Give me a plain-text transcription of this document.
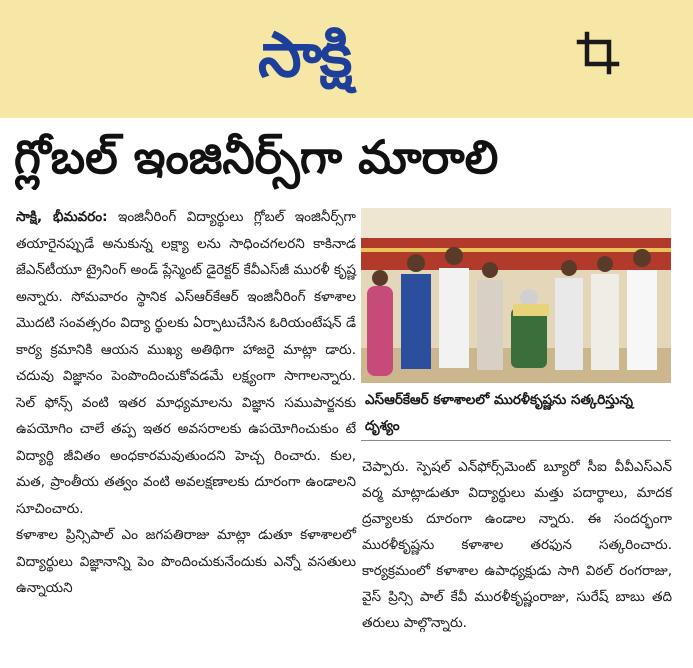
సాక్షి
గ్లోబల్ ఇంజినీర్స్‌గా మారాలి

సాక్షి, భీమవరం: ఇంజినీరింగ్ విద్యార్థులు గ్లోబల్ ఇంజినీర్స్‌గా తయారైనప్పుడే అనుకున్న లక్ష్యా లను సాధించగలరని కాకినాడ జేఎన్‌టీయూ ట్రైనింగ్ అండ్ ప్లేస్మెంట్ డైరెక్టర్ కేవీఎస్‌జీ మురళీ కృష్ణ అన్నారు. సోమవారం స్థానిక ఎస్‌ఆర్‌కేఆర్ ఇంజినీరింగ్ కళాశాల మొదటి సంవత్సరం విద్యా ర్థులకు ఏర్పాటుచేసిన ఓరియంటేషన్ డే కార్య క్రమానికి ఆయన ముఖ్య అతిథిగా హాజరై మాట్లా డారు. చదువు విజ్ఞానం పెంపొందించుకోవడమే లక్ష్యంగా సాగాలన్నారు. సెల్ ఫోన్స్ వంటి ఇతర మాధ్యమాలను విజ్ఞాన సముపార్జనకు ఉపయోగిం చాలే తప్ప ఇతర అవసరాలకు ఉపయోగించుకుం టే విద్యార్థి జీవితం అంధకారమవుతుందని హెచ్చ రించారు. కుల, మత, ప్రాంతీయ తత్వం వంటి అవలక్షణాలకు దూరంగా ఉండాలని సూచించారు.

కళాశాల ప్రిన్సిపాల్ ఎం జగపతిరాజు మాట్లా డుతూ కళాశాలలో విద్యార్థులు విజ్ఞానాన్ని పెం పొందించుకునేందుకు ఎన్నో వసతులు ఉన్నాయని

ఎస్‌ఆర్‌కేఆర్ కళాశాలలో మురళీకృష్ణను సత్కరిస్తున్న దృశ్యం

చెప్పారు. స్పెషల్ ఎన్‌ఫోర్స్‌మెంట్ బ్యూరో సీఐ వీవీఎస్ఎన్ వర్మ మాట్లాడుతూ విద్యార్థులు మత్తు పదార్థాలు, మాదక ద్రవ్యాలకు దూరంగా ఉండాల న్నారు. ఈ సందర్భంగా మురళీకృష్ణను కళాశాల తరఫున సత్కరించారు. కార్యక్రమంలో కళాశాల ఉపాధ్యక్షుడు సాగి విఠల్ రంగరాజు, వైస్ ప్రిన్సి పాల్ కేవీ మురళీకృష్ణంరాజు, సురేష్ బాబు తది తరులు పాల్గొన్నారు.
